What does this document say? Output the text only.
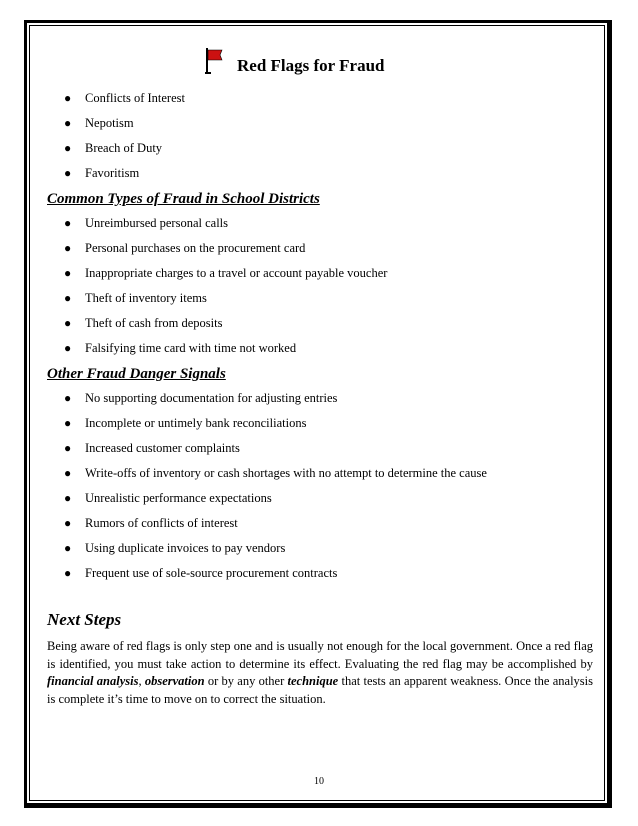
Red Flags for Fraud
● Conflicts of Interest
● Nepotism
● Breach of Duty
● Favoritism
Common Types of Fraud in School Districts
● Unreimbursed personal calls
● Personal purchases on the procurement card
● Inappropriate charges to a travel or account payable voucher
● Theft of inventory items
● Theft of cash from deposits
● Falsifying time card with time not worked
Other Fraud Danger Signals
● No supporting documentation for adjusting entries
● Incomplete or untimely bank reconciliations
● Increased customer complaints
● Write-offs of inventory or cash shortages with no attempt to determine the cause
● Unrealistic performance expectations
● Rumors of conflicts of interest
● Using duplicate invoices to pay vendors
● Frequent use of sole-source procurement contracts
Next Steps
Being aware of red flags is only step one and is usually not enough for the local government. Once a red flag is identified, you must take action to determine its effect. Evaluating the red flag may be accomplished by financial analysis, observation or by any other technique that tests an apparent weakness. Once the analysis is complete it’s time to move on to correct the situation.
10
